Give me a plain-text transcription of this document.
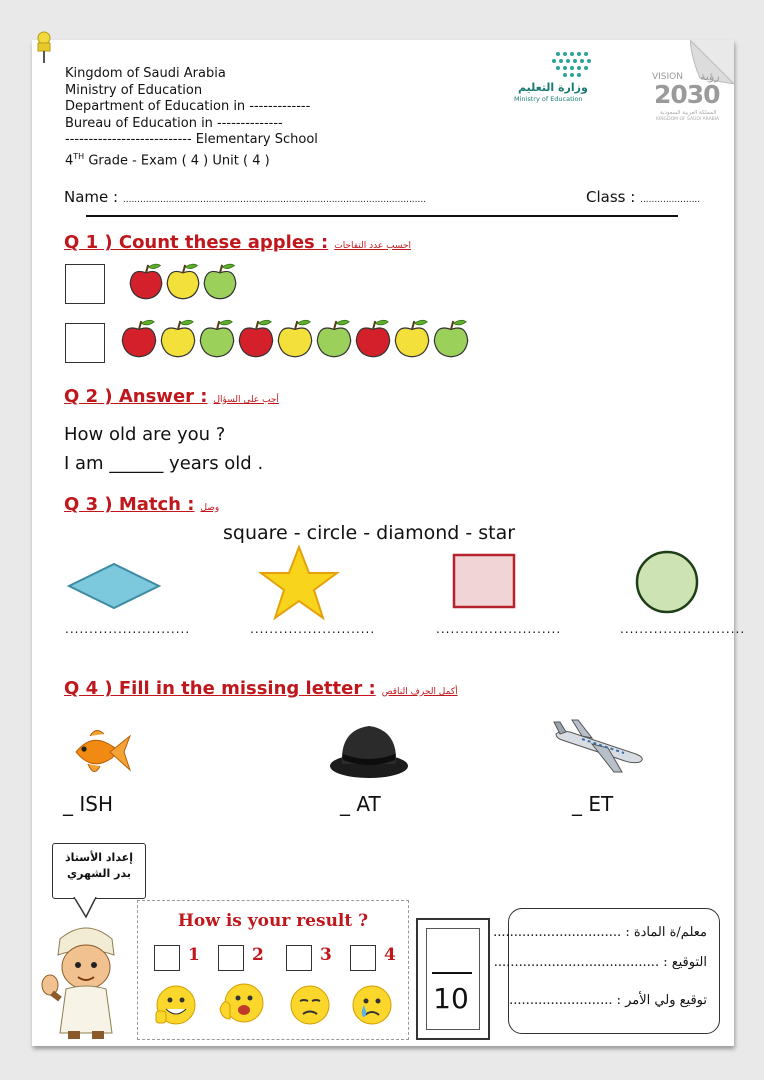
Kingdom of Saudi Arabia
Ministry of Education
Department of Education in -------------
Bureau of Education in --------------
--------------------------- Elementary School
4TH Grade - Exam ( 4 ) Unit ( 4 )
وزارة التعليم
Ministry of Education
VISION رؤية
2030
المملكة العربية السعودية
KINGDOM OF SAUDI ARABIA
Name : ..........................................................................................................	Class : .....................
Q 1 ) Count these apples : احسب عدد التفاحات
Q 2 ) Answer : أجب على السؤال
How old are you ?
I am ______ years old .
Q 3 ) Match : وصل
square - circle - diamond - star
..........................	..........................	..........................	..........................
Q 4 ) Fill in the missing letter : أكمل الحرف الناقص
_ ISH	_ AT	_ ET
إعداد الأستاذ
بدر الشهري
How is your result ?
1	2	3	4
10
معلم/ة المادة : ...............................
التوقيع : ........................................
توقيع ولي الأمر : .........................
